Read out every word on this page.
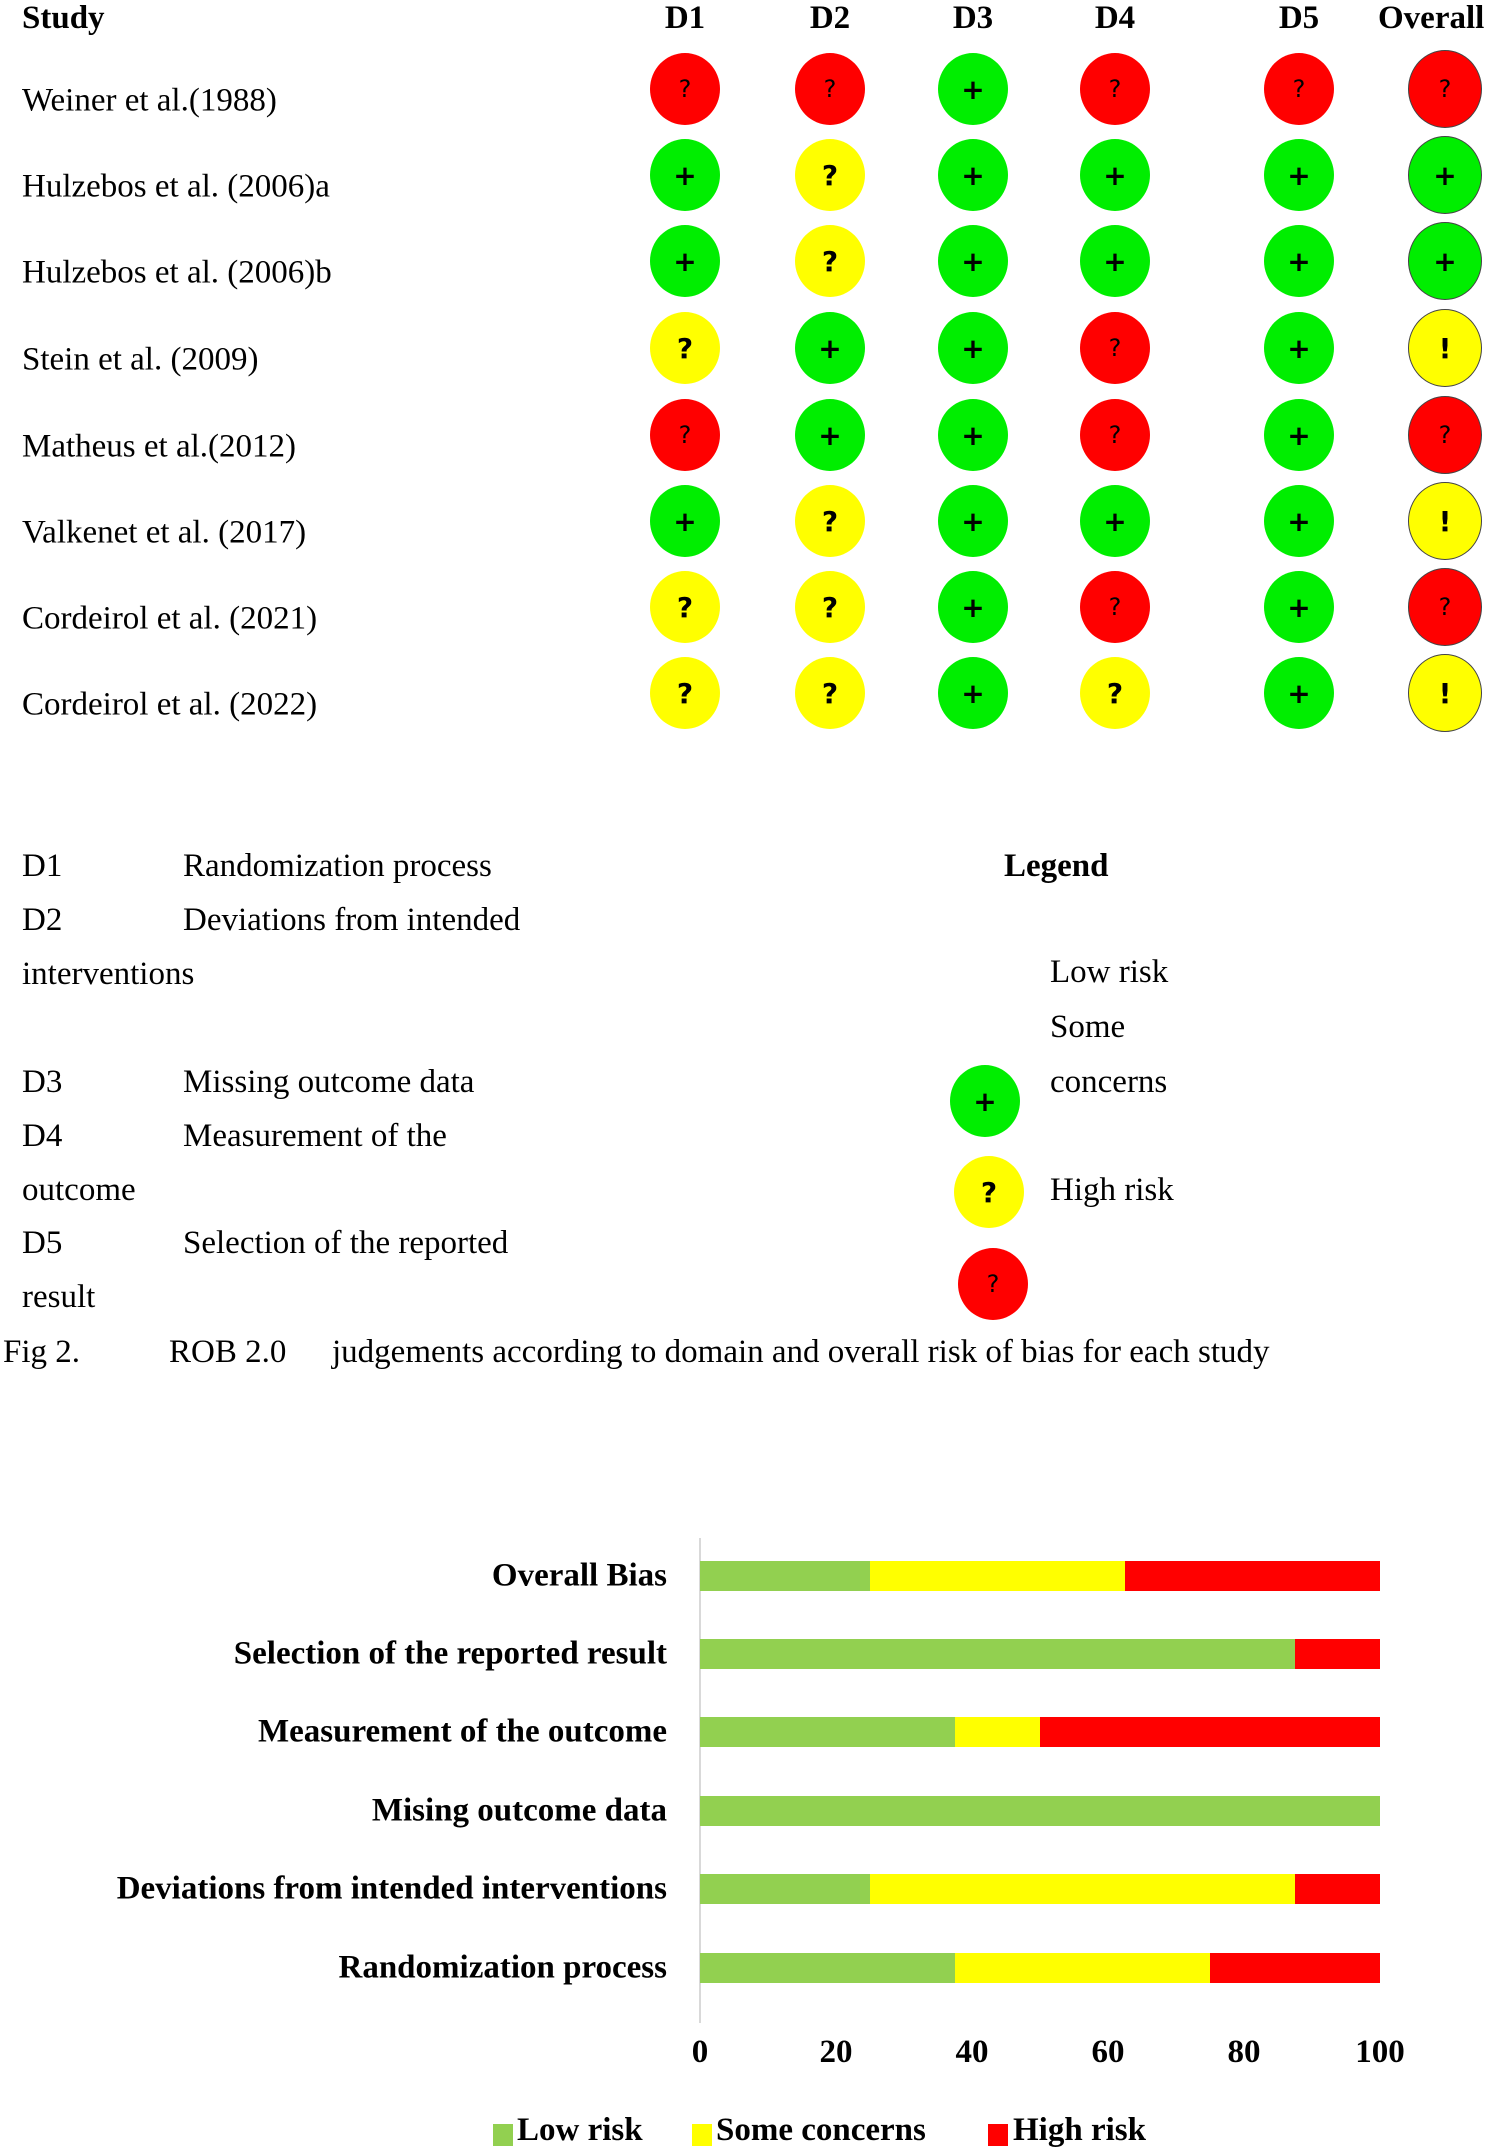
Study	D1	D2	D3	D4	D5 Overall
Weiner et al.(1988)	?	?	+	?	?	?
Hulzebos et al. (2006)a	+	?	+	+	+	+
Hulzebos et al. (2006)b	+	?	+	+	+	+
Stein et al. (2009)	?	+	+	?	+	!
Matheus et al.(2012)	?	+	+	?	+	?
Valkenet et al. (2017)	+	?	+	+	+	!
Cordeirol et al. (2021)	?	?	+	?	+	?
Cordeirol et al. (2022)	?	?	+	?	+	!
D1	Randomization process
D2	Deviations from intended
interventions
D3	Missing outcome data
D4	Measurement of the
outcome
D5	Selection of the reported
result
Legend
Low risk
Some
concerns
High risk
+
?
?
Fig 2.	ROB 2.0 judgements according to domain and overall risk of bias for each study
Overall Bias
Selection of the reported result
Measurement of the outcome
Mising outcome data
Deviations from intended interventions
Randomization process
0	20	40	60	80	100
Low risk Some concerns	High risk
